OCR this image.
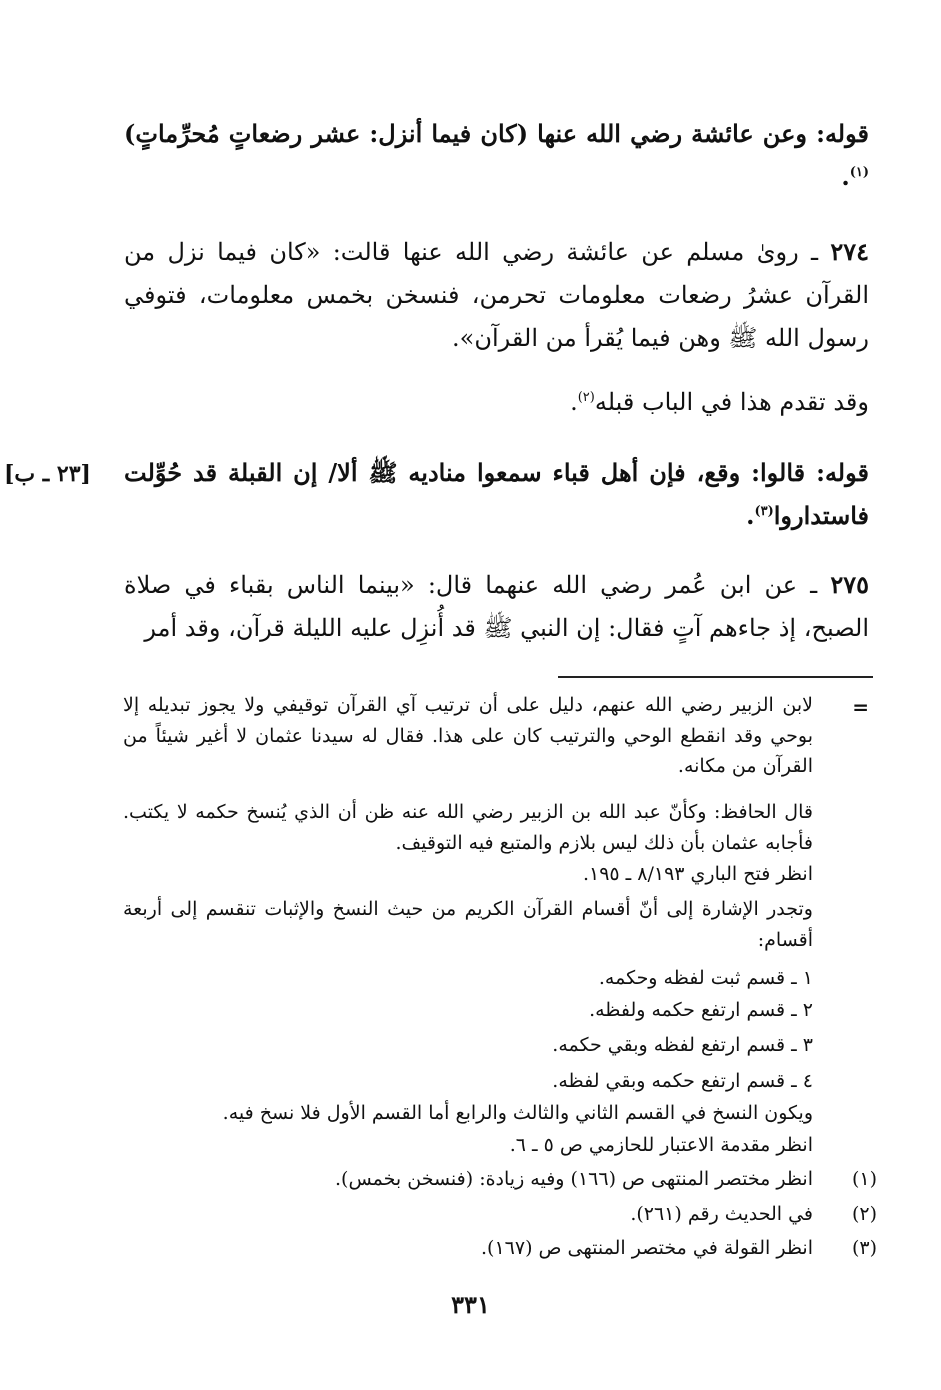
قوله: وعن عائشة رضي الله عنها (كان فيما أنزل: عشر رضعاتٍ مُحرِّماتٍ)$^{(١)}$.
٢٧٤ ـ روىٰ مسلم عن عائشة رضي الله عنها قالت: «كان فيما نزل من القرآن عشرُ رضعات معلومات تحرمن، فنسخن بخمس معلومات، فتوفي رسول الله ﷺ وهن فيما يُقرأ من القرآن».
وقد تقدم هذا في الباب قبله$^{(٢)}$.
[٢٣ ـ ب]	قوله: قالوا: وقع، فإن أهل قباء سمعوا مناديه ﷺ ألا/ إن القبلة قد حُوِّلت فاستداروا$^{(٣)}$.
٢٧٥ ـ عن ابن عُمر رضي الله عنهما قال: «بينما الناس بقباء في صلاة الصبح، إذ جاءهم آتٍ فقال: إن النبي ﷺ قد أُنزِل عليه الليلة قرآن، وقد أمر
=
لابن الزبير رضي الله عنهم، دليل على أن ترتيب آي القرآن توقيفي ولا يجوز تبديله إلا بوحي وقد انقطع الوحي والترتيب كان على هذا. فقال له سيدنا عثمان لا أغير شيئاً من القرآن من مكانه.
قال الحافظ: وكأنّ عبد الله بن الزبير رضي الله عنه ظن أن الذي يُنسخ حكمه لا يكتب. فأجابه عثمان بأن ذلك ليس بلازم والمتبع فيه التوقيف.
انظر فتح الباري ٨/١٩٣ ـ ١٩٥.
وتجدر الإشارة إلى أنّ أقسام القرآن الكريم من حيث النسخ والإثبات تنقسم إلى أربعة أقسام:
١ ـ قسم ثبت لفظه وحكمه.
٢ ـ قسم ارتفع حكمه ولفظه.
٣ ـ قسم ارتفع لفظه وبقي حكمه.
٤ ـ قسم ارتفع حكمه وبقي لفظه.
ويكون النسخ في القسم الثاني والثالث والرابع أما القسم الأول فلا نسخ فيه.
انظر مقدمة الاعتبار للحازمي ص ٥ ـ ٦.
(١)
انظر مختصر المنتهى ص (١٦٦) وفيه زيادة: (فنسخن بخمس).
(٢)
في الحديث رقم (٢٦١).
(٣)
انظر القولة في مختصر المنتهى ص (١٦٧).
٣٣١
